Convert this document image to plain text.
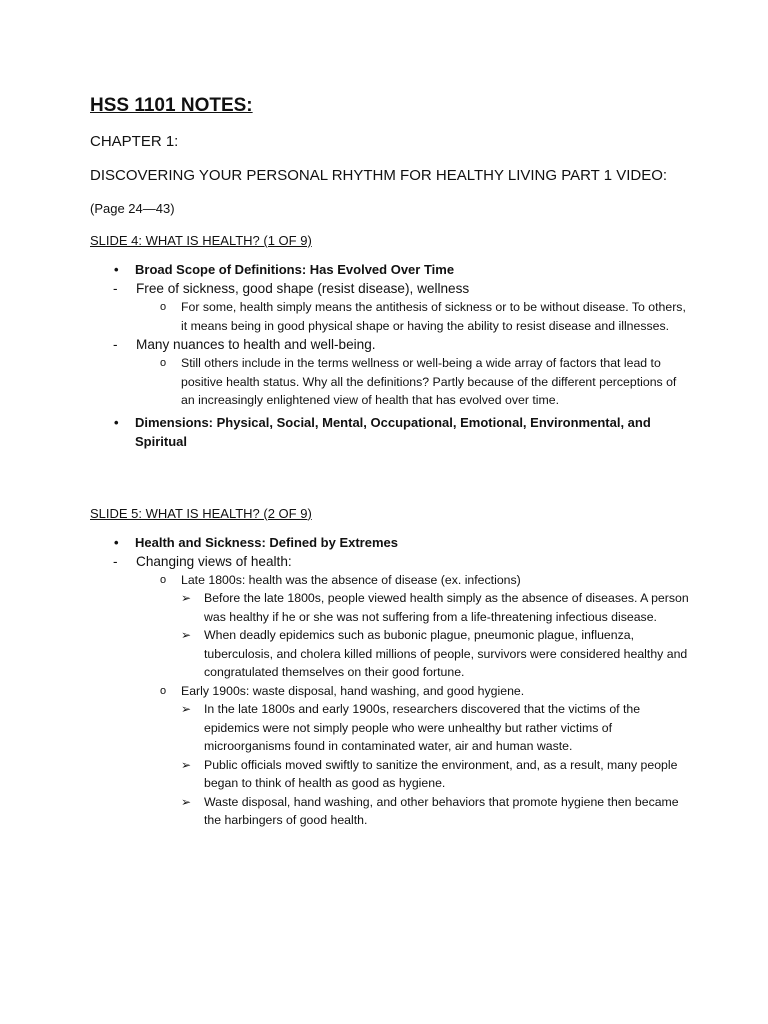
HSS 1101 NOTES:
CHAPTER 1:
DISCOVERING YOUR PERSONAL RHYTHM FOR HEALTHY LIVING PART 1 VIDEO:
(Page 24—43)
SLIDE 4: WHAT IS HEALTH? (1 OF 9)
• Broad Scope of Definitions: Has Evolved Over Time
- Free of sickness, good shape (resist disease), wellness
o For some, health simply means the antithesis of sickness or to be without disease. To others, it means being in good physical shape or having the ability to resist disease and illnesses.
- Many nuances to health and well-being.
o Still others include in the terms wellness or well-being a wide array of factors that lead to positive health status. Why all the definitions? Partly because of the different perceptions of an increasingly enlightened view of health that has evolved over time.
• Dimensions: Physical, Social, Mental, Occupational, Emotional, Environmental, and Spiritual
SLIDE 5: WHAT IS HEALTH? (2 OF 9)
• Health and Sickness: Defined by Extremes
- Changing views of health:
o Late 1800s: health was the absence of disease (ex. infections)
➢ Before the late 1800s, people viewed health simply as the absence of diseases. A person was healthy if he or she was not suffering from a life-threatening infectious disease.
➢ When deadly epidemics such as bubonic plague, pneumonic plague, influenza, tuberculosis, and cholera killed millions of people, survivors were considered healthy and congratulated themselves on their good fortune.
o Early 1900s: waste disposal, hand washing, and good hygiene.
➢ In the late 1800s and early 1900s, researchers discovered that the victims of the epidemics were not simply people who were unhealthy but rather victims of microorganisms found in contaminated water, air and human waste.
➢ Public officials moved swiftly to sanitize the environment, and, as a result, many people began to think of health as good as hygiene.
➢ Waste disposal, hand washing, and other behaviors that promote hygiene then became the harbingers of good health.
